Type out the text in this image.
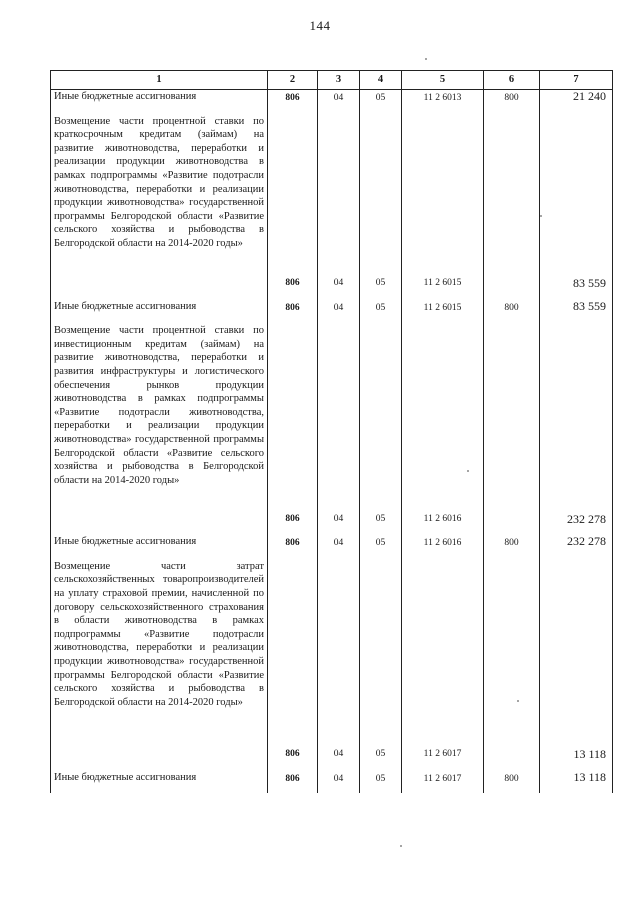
144
1	2	3	4	5	6	7
Иные бюджетные ассигнования	806	04	05	11 2 6013	800	21 240

Возмещение части процентной ставки по краткосрочным кредитам (займам) на развитие животноводства, переработки и реализации продукции животноводства в рамках подпрограммы «Развитие подотрасли животноводства, переработки и реализации продукции животноводства» государственной программы Белгородской области «Развитие сельского хозяйства и рыбоводства в Белгородской области на 2014-2020 годы»	806	04	05	11 2 6015		83 559

Иные бюджетные ассигнования	806	04	05	11 2 6015	800	83 559

Возмещение части процентной ставки по инвестиционным кредитам (займам) на развитие животноводства, переработки и развития инфраструктуры и логистического обеспечения рынков продукции животноводства в рамках подпрограммы «Развитие подотрасли животноводства, переработки и реализации продукции животноводства» государственной программы Белгородской области «Развитие сельского хозяйства и рыбоводства в Белгородской области на 2014-2020 годы»	806	04	05	11 2 6016		232 278

Иные бюджетные ассигнования	806	04	05	11 2 6016	800	232 278

Возмещение части затрат сельскохозяйственных товаропроизводителей на уплату страховой премии, начисленной по договору сельскохозяйственного страхования в области животноводства в рамках подпрограммы «Развитие подотрасли животноводства, переработки и реализации продукции животноводства» государственной программы Белгородской области «Развитие сельского хозяйства и рыбоводства в Белгородской области на 2014-2020 годы»	806	04	05	11 2 6017		13 118

Иные бюджетные ассигнования	806	04	05	11 2 6017	800	13 118
